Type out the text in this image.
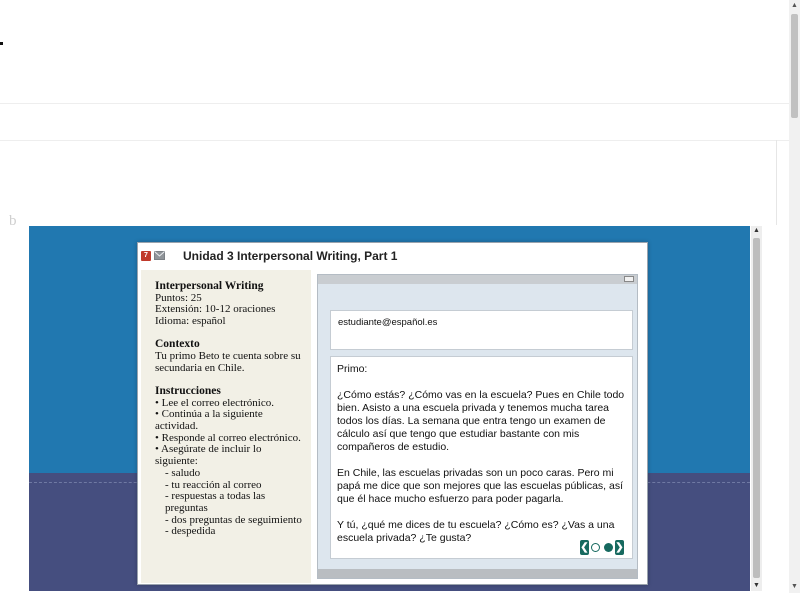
b
▲
▼
▲
▼
7	Unidad 3 Interpersonal Writing, Part 1
Interpersonal Writing
Puntos: 25
Extensión: 10-12 oraciones
Idioma: español
Contexto
Tu primo Beto te cuenta sobre su secundaria en Chile.
Instrucciones
• Lee el correo electrónico.
• Continúa a la siguiente actividad.
• Responde al correo electrónico.
• Asegúrate de incluir lo siguiente:
- saludo
- tu reacción al correo
- respuestas a todas las preguntas
- dos preguntas de seguimiento
- despedida
estudiante@español.es

Primo:

¿Cómo estás? ¿Cómo vas en la escuela? Pues en Chile todo bien. Asisto a una escuela privada y tenemos mucha tarea todos los días. La semana que entra tengo un examen de cálculo así que tengo que estudiar bastante con mis compañeros de estudio.

En Chile, las escuelas privadas son un poco caras. Pero mi papá me dice que son mejores que las escuelas públicas, así que él hace mucho esfuerzo para poder pagarla.

Y tú, ¿qué me dices de tu escuela? ¿Cómo es? ¿Vas a una escuela privada? ¿Te gusta?

❮	❯
